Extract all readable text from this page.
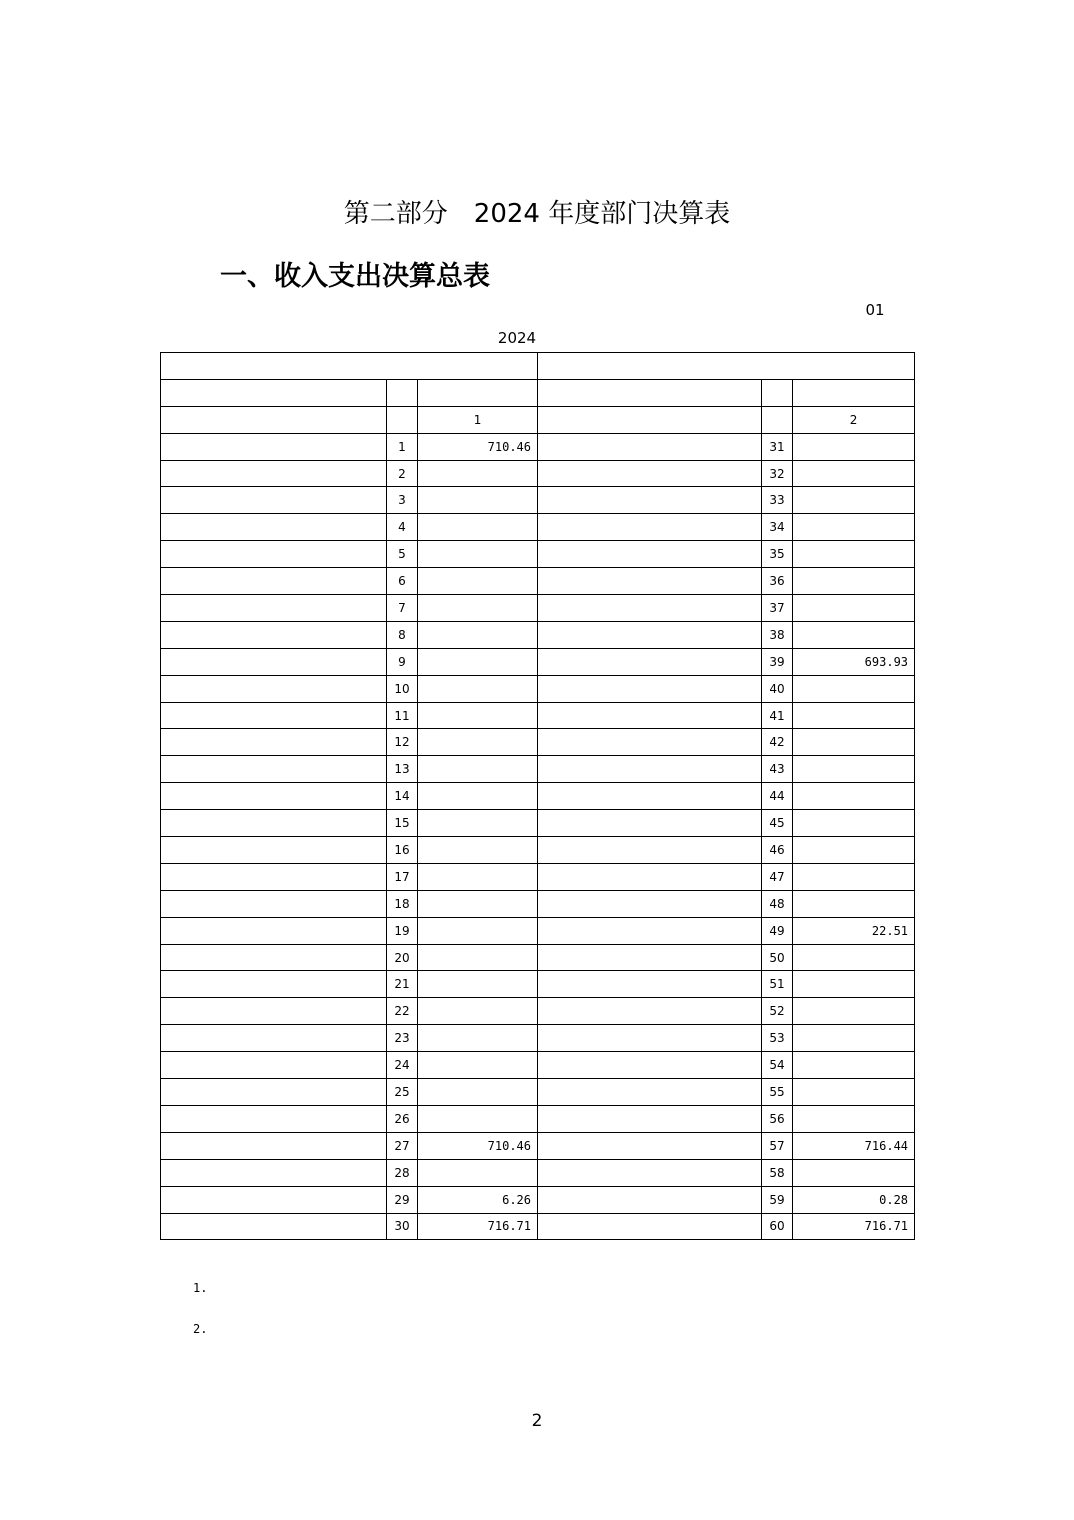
第二部分　2024 年度部门决算表
一、收入支出决算总表
01
2024

		1			2
	1	710.46		31	
	2			32	
	3			33	
	4			34	
	5			35	
	6			36	
	7			37	
	8			38	
	9			39	693.93
	10			40	
	11			41	
	12			42	
	13			43	
	14			44	
	15			45	
	16			46	
	17			47	
	18			48	
	19			49	22.51
	20			50	
	21			51	
	22			52	
	23			53	
	24			54	
	25			55	
	26			56	
	27	710.46		57	716.44
	28			58	
	29	6.26		59	0.28
	30	716.71		60	716.71
1.
2.
2
